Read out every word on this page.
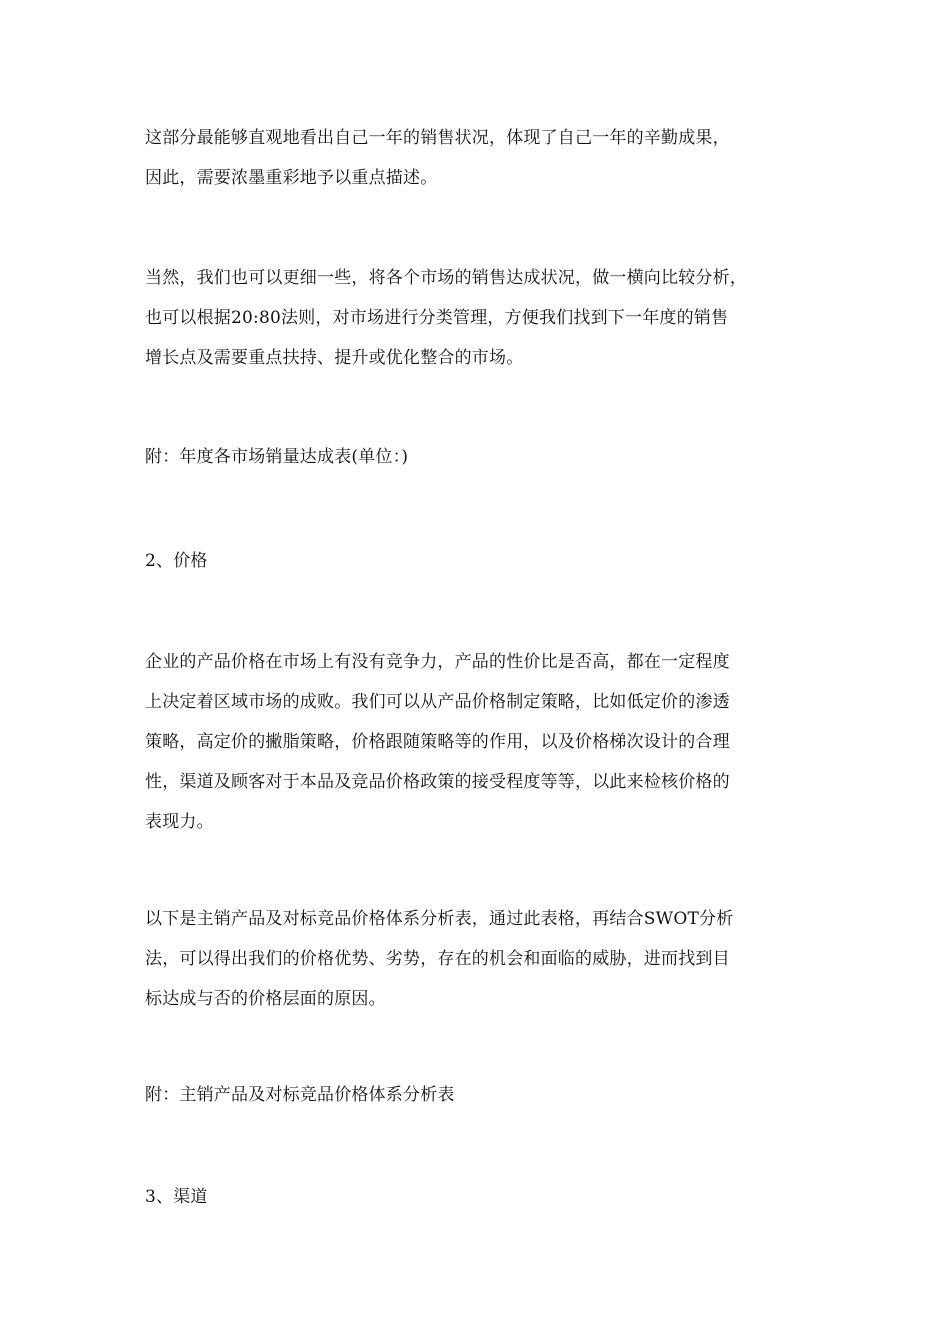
这部分最能够直观地看出自己一年的销售状况，体现了自己一年的辛勤成果，
因此，需要浓墨重彩地予以重点描述。

当然，我们也可以更细一些，将各个市场的销售达成状况，做一横向比较分析，
也可以根据20:80法则，对市场进行分类管理，方便我们找到下一年度的销售
增长点及需要重点扶持、提升或优化整合的市场。

附：年度各市场销量达成表(单位：)

2、价格

企业的产品价格在市场上有没有竞争力，产品的性价比是否高，都在一定程度
上决定着区域市场的成败。我们可以从产品价格制定策略，比如低定价的渗透
策略，高定价的撇脂策略，价格跟随策略等的作用，以及价格梯次设计的合理
性，渠道及顾客对于本品及竞品价格政策的接受程度等等，以此来检核价格的
表现力。

以下是主销产品及对标竞品价格体系分析表，通过此表格，再结合SWOT分析
法，可以得出我们的价格优势、劣势，存在的机会和面临的威胁，进而找到目
标达成与否的价格层面的原因。

附：主销产品及对标竞品价格体系分析表

3、渠道
